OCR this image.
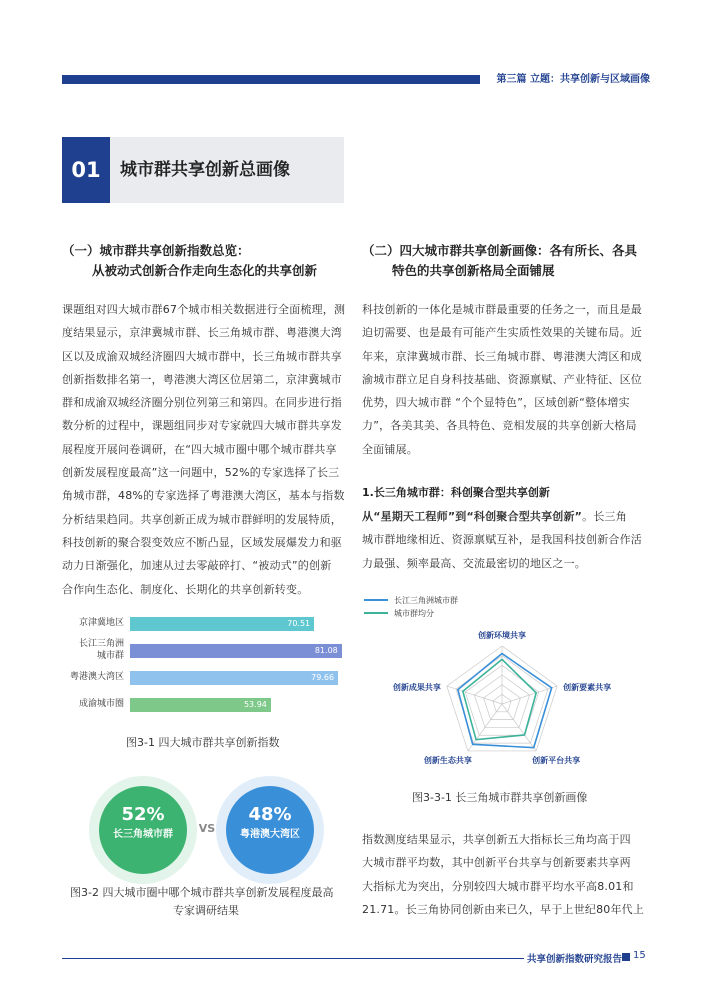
第三篇 立题：共享创新与区域画像
01	城市群共享创新总画像
（一）城市群共享创新指数总览：
从被动式创新合作走向生态化的共享创新
课题组对四大城市群67个城市相关数据进行全面梳理，测
度结果显示，京津冀城市群、长三角城市群、粤港澳大湾
区以及成渝双城经济圈四大城市群中，长三角城市群共享
创新指数排名第一，粤港澳大湾区位居第二，京津冀城市
群和成渝双城经济圈分别位列第三和第四。在同步进行指
数分析的过程中，课题组同步对专家就四大城市群共享发
展程度开展问卷调研，在“四大城市圈中哪个城市群共享
创新发展程度最高”这一问题中，52%的专家选择了长三
角城市群，48%的专家选择了粤港澳大湾区，基本与指数
分析结果趋同。共享创新正成为城市群鲜明的发展特质，
科技创新的聚合裂变效应不断凸显，区域发展爆发力和驱
动力日渐强化，加速从过去零敲碎打、“被动式”的创新
合作向生态化、制度化、长期化的共享创新转变。
京津冀地区	70.51
长江三角洲
城市群
81.08
粤港澳大湾区	79.66
成渝城市圈	53.94
图3-1 四大城市群共享创新指数
52%
长三角城市群	VS
48%
粤港澳大湾区
图3-2 四大城市圈中哪个城市群共享创新发展程度最高
专家调研结果
（二）四大城市群共享创新画像：各有所长、各具
特色的共享创新格局全面铺展
科技创新的一体化是城市群最重要的任务之一，而且是最
迫切需要、也是最有可能产生实质性效果的关键布局。近
年来，京津冀城市群、长三角城市群、粤港澳大湾区和成
渝城市群立足自身科技基础、资源禀赋、产业特征、区位
优势，四大城市群 “个个显特色”，区域创新“整体增实
力”，各美其美、各具特色、竞相发展的共享创新大格局
全面铺展。
1.长三角城市群：科创聚合型共享创新
从“星期天工程师”到“科创聚合型共享创新”。长三角
城市群地缘相近、资源禀赋互补，是我国科技创新合作活
力最强、频率最高、交流最密切的地区之一。
长江三角洲城市群
城市群均分
创新环境共享
创新要素共享
创新平台共享
创新生态共享
创新成果共享
图3-3-1 长三角城市群共享创新画像
指数测度结果显示，共享创新五大指标长三角均高于四
大城市群平均数，其中创新平台共享与创新要素共享两
大指标尤为突出，分别较四大城市群平均水平高8.01和
21.71。长三角协同创新由来已久，早于上世纪80年代上
共享创新指数研究报告 15
